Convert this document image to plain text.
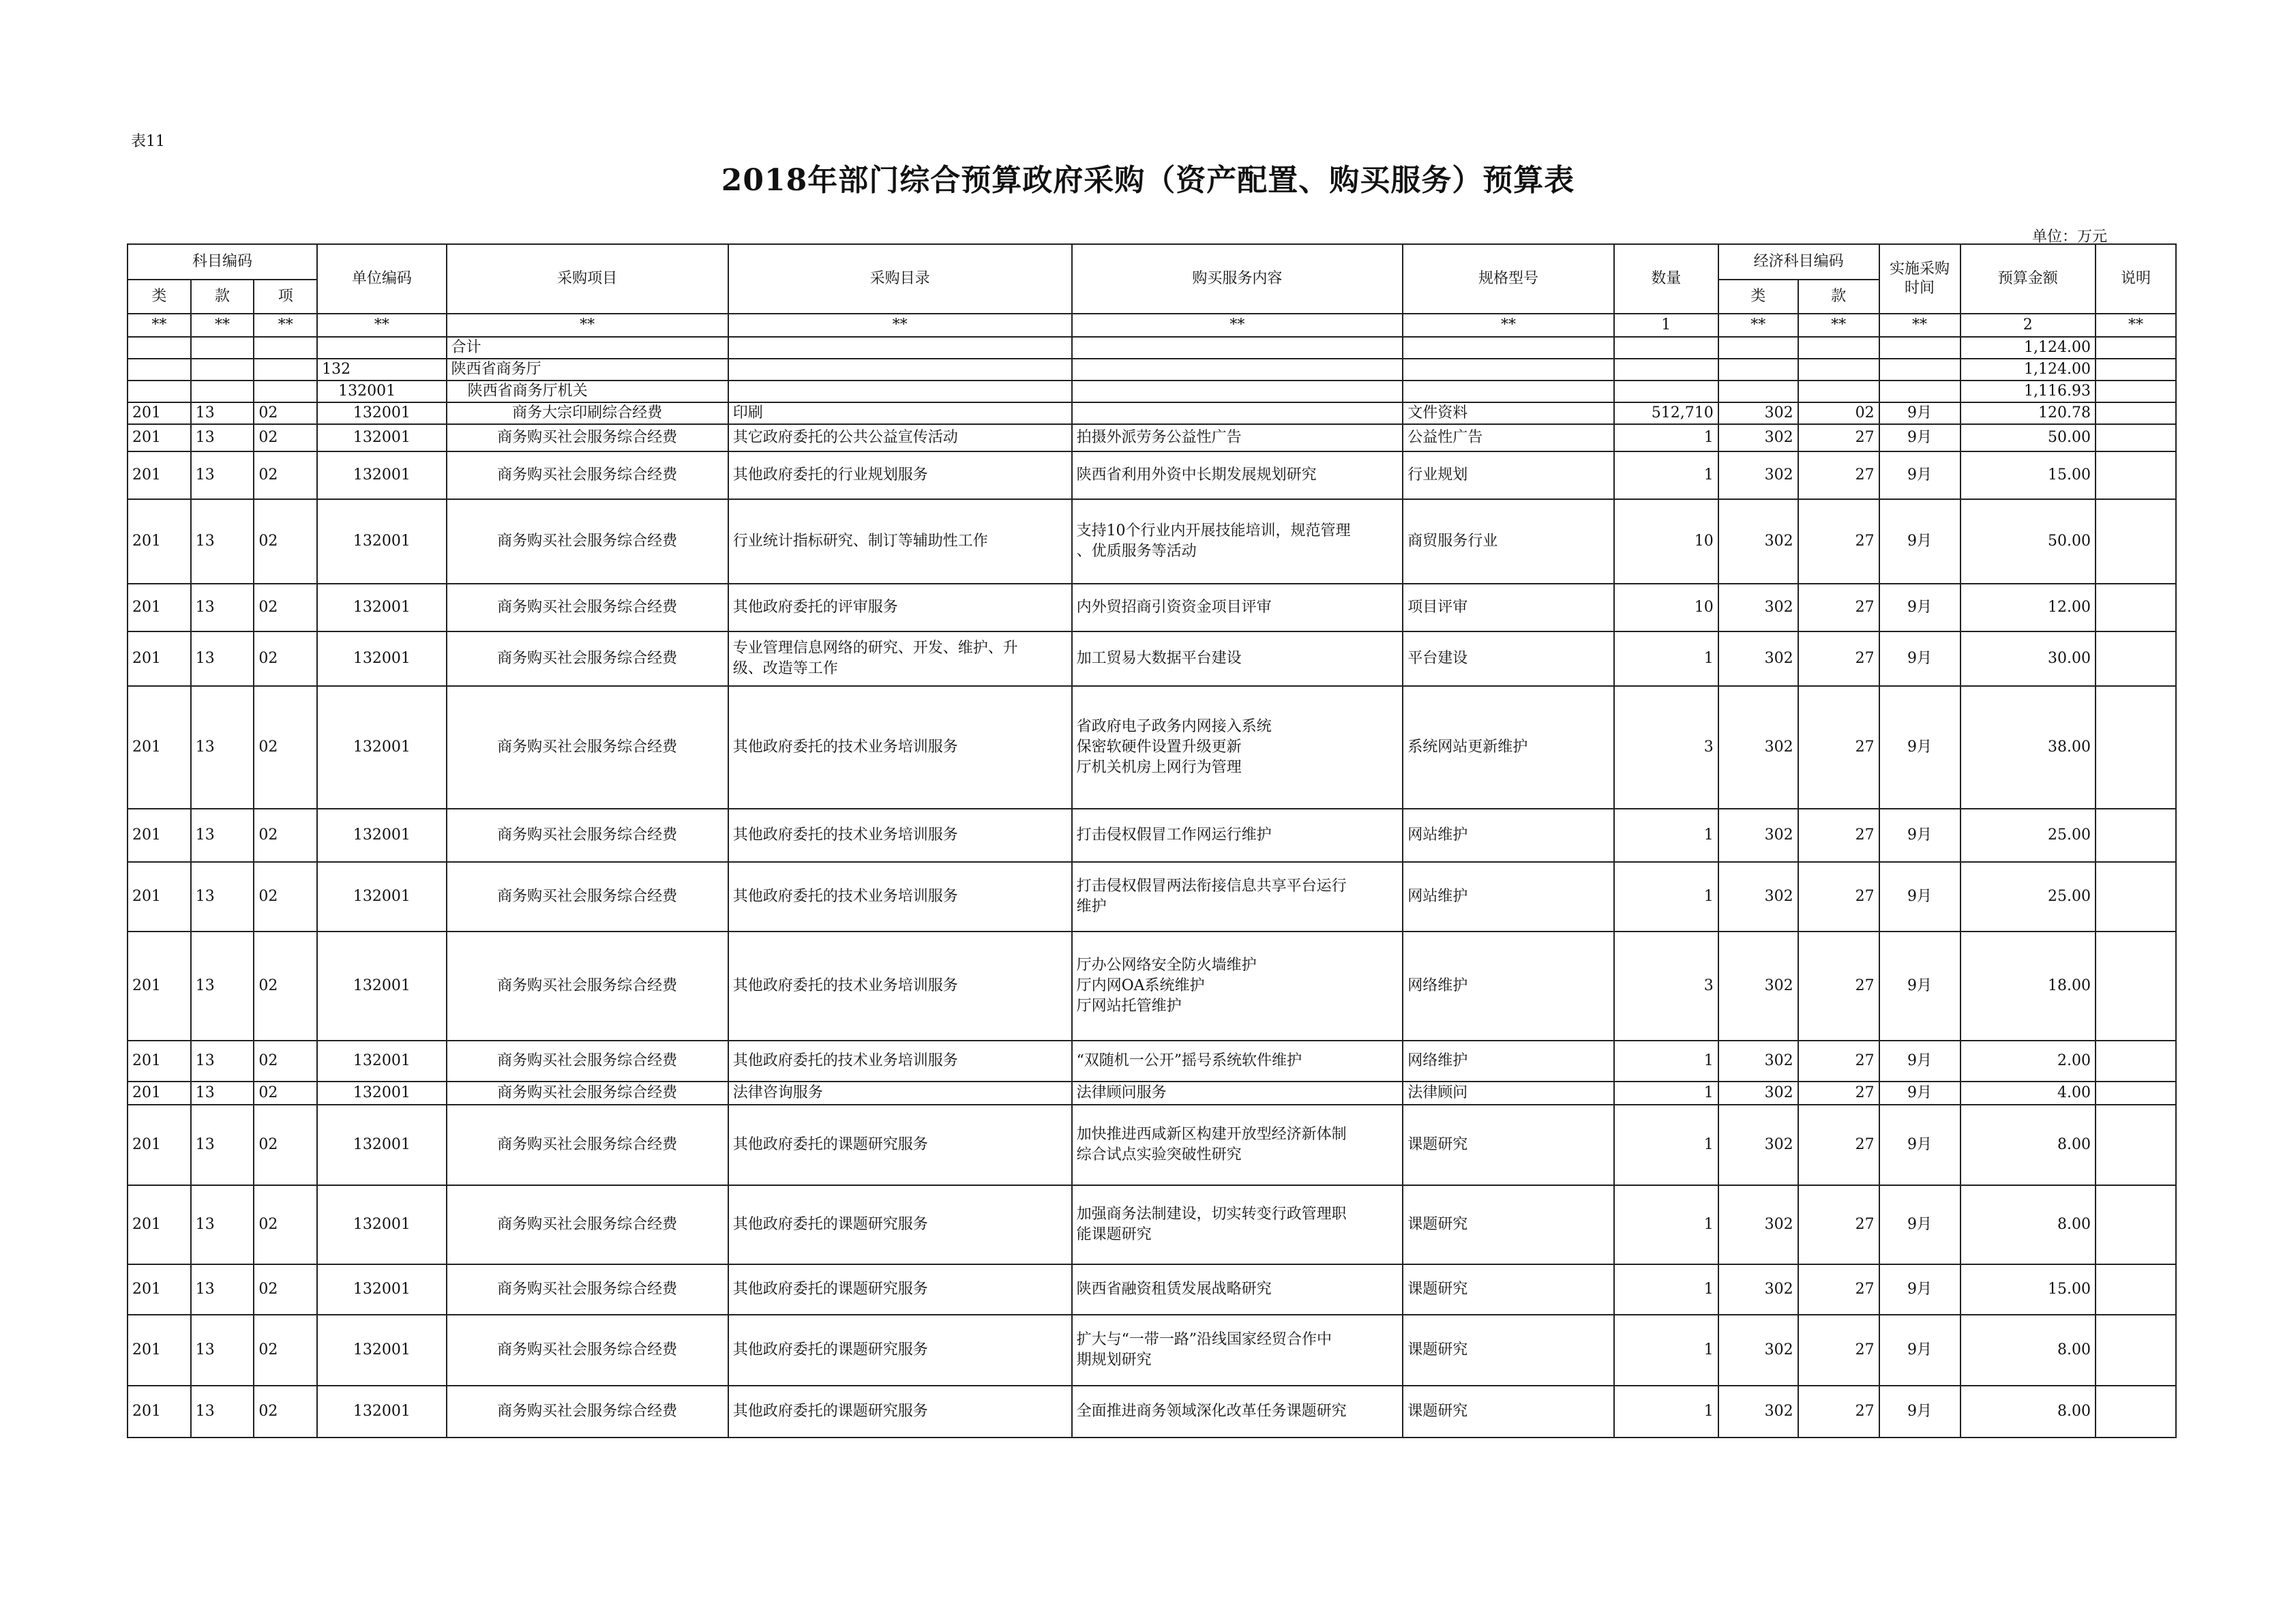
表11
2018年部门综合预算政府采购（资产配置、购买服务）预算表
单位：万元
科目编码			单位编码	采购项目	采购目录	购买服务内容	规格型号	数量	经济科目编码		实施采购时间	预算金额	说明
类	款	项							类	款			
**	**	**	**	**	**	**	**	1	**	**	**	2	**
				合计								1,124.00	
			132	陕西省商务厅								1,124.00	
			132001	陕西省商务厅机关								1,116.93	
201	13	02	132001	商务大宗印刷综合经费	印刷		文件资料	512,710	302	02	9月	120.78	
201	13	02	132001	商务购买社会服务综合经费	其它政府委托的公共公益宣传活动	拍摄外派劳务公益性广告	公益性广告	1	302	27	9月	50.00	
201	13	02	132001	商务购买社会服务综合经费	其他政府委托的行业规划服务	陕西省利用外资中长期发展规划研究	行业规划	1	302	27	9月	15.00	
201	13	02	132001	商务购买社会服务综合经费	行业统计指标研究、制订等辅助性工作	支持10个行业内开展技能培训，规范管理
、优质服务等活动	商贸服务行业	10	302	27	9月	50.00	
201	13	02	132001	商务购买社会服务综合经费	其他政府委托的评审服务	内外贸招商引资资金项目评审	项目评审	10	302	27	9月	12.00	
201	13	02	132001	商务购买社会服务综合经费	专业管理信息网络的研究、开发、维护、升
级、改造等工作	加工贸易大数据平台建设	平台建设	1	302	27	9月	30.00	
201	13	02	132001	商务购买社会服务综合经费	其他政府委托的技术业务培训服务	省政府电子政务内网接入系统
保密软硬件设置升级更新
厅机关机房上网行为管理	系统网站更新维护	3	302	27	9月	38.00	
201	13	02	132001	商务购买社会服务综合经费	其他政府委托的技术业务培训服务	打击侵权假冒工作网运行维护	网站维护	1	302	27	9月	25.00	
201	13	02	132001	商务购买社会服务综合经费	其他政府委托的技术业务培训服务	打击侵权假冒两法衔接信息共享平台运行
维护	网站维护	1	302	27	9月	25.00	
201	13	02	132001	商务购买社会服务综合经费	其他政府委托的技术业务培训服务	厅办公网络安全防火墙维护
厅内网OA系统维护
厅网站托管维护	网络维护	3	302	27	9月	18.00	
201	13	02	132001	商务购买社会服务综合经费	其他政府委托的技术业务培训服务	“双随机一公开”摇号系统软件维护	网络维护	1	302	27	9月	2.00	
201	13	02	132001	商务购买社会服务综合经费	法律咨询服务	法律顾问服务	法律顾问	1	302	27	9月	4.00	
201	13	02	132001	商务购买社会服务综合经费	其他政府委托的课题研究服务	加快推进西咸新区构建开放型经济新体制
综合试点实验突破性研究	课题研究	1	302	27	9月	8.00	
201	13	02	132001	商务购买社会服务综合经费	其他政府委托的课题研究服务	加强商务法制建设，切实转变行政管理职
能课题研究	课题研究	1	302	27	9月	8.00	
201	13	02	132001	商务购买社会服务综合经费	其他政府委托的课题研究服务	陕西省融资租赁发展战略研究	课题研究	1	302	27	9月	15.00	
201	13	02	132001	商务购买社会服务综合经费	其他政府委托的课题研究服务	扩大与“一带一路”沿线国家经贸合作中
期规划研究	课题研究	1	302	27	9月	8.00	
201	13	02	132001	商务购买社会服务综合经费	其他政府委托的课题研究服务	全面推进商务领域深化改革任务课题研究	课题研究	1	302	27	9月	8.00	
